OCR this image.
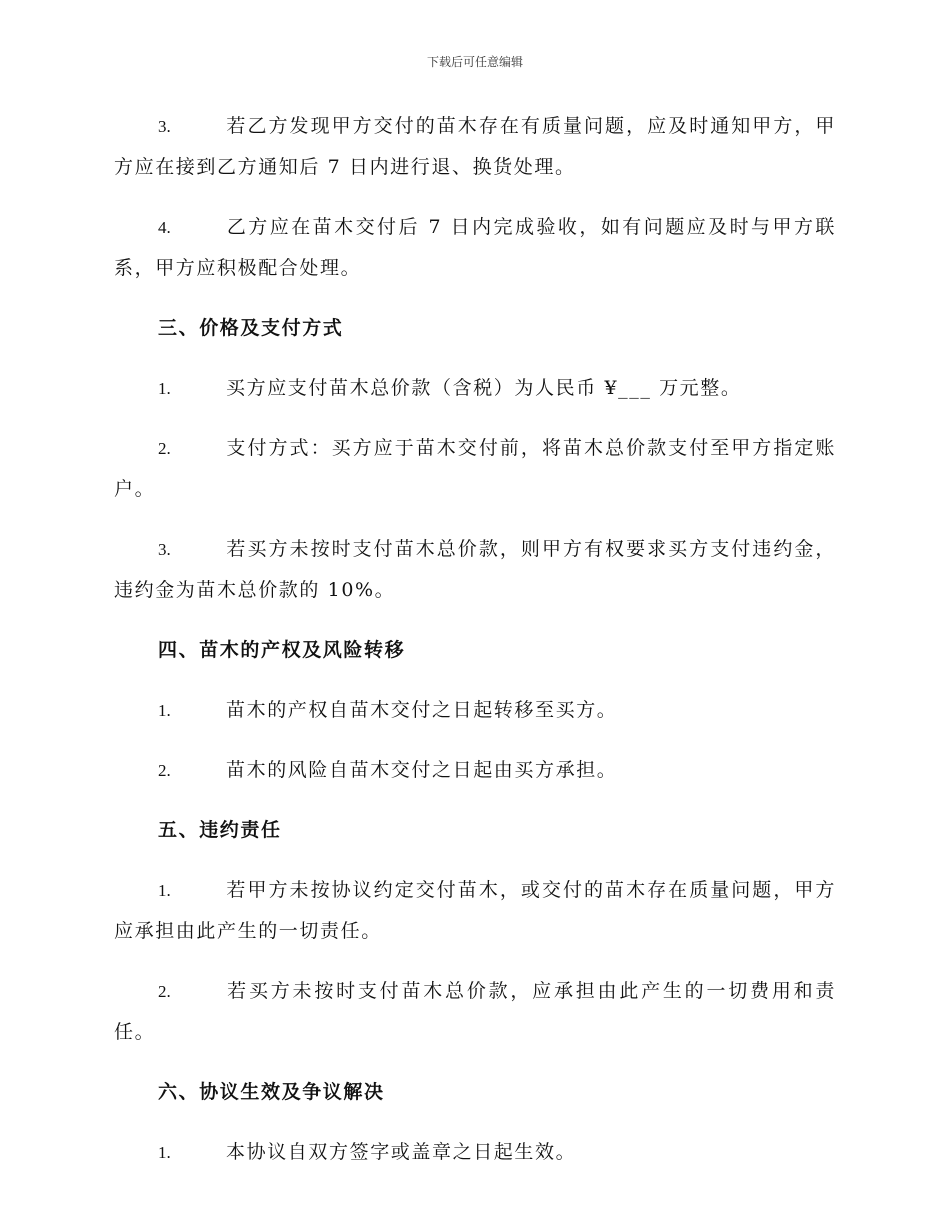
下载后可任意编辑

3.	若乙方发现甲方交付的苗木存在有质量问题，应及时通知甲方，甲方应在接到乙方通知后 7 日内进行退、换货处理。

4.	乙方应在苗木交付后 7 日内完成验收，如有问题应及时与甲方联系，甲方应积极配合处理。

三、价格及支付方式

1.	买方应支付苗木总价款（含税）为人民币 ¥___ 万元整。

2.	支付方式：买方应于苗木交付前，将苗木总价款支付至甲方指定账户。

3.	若买方未按时支付苗木总价款，则甲方有权要求买方支付违约金，违约金为苗木总价款的 10%。

四、苗木的产权及风险转移

1.	苗木的产权自苗木交付之日起转移至买方。

2.	苗木的风险自苗木交付之日起由买方承担。

五、违约责任

1.	若甲方未按协议约定交付苗木，或交付的苗木存在质量问题，甲方应承担由此产生的一切责任。

2.	若买方未按时支付苗木总价款，应承担由此产生的一切费用和责任。

六、协议生效及争议解决

1.	本协议自双方签字或盖章之日起生效。
